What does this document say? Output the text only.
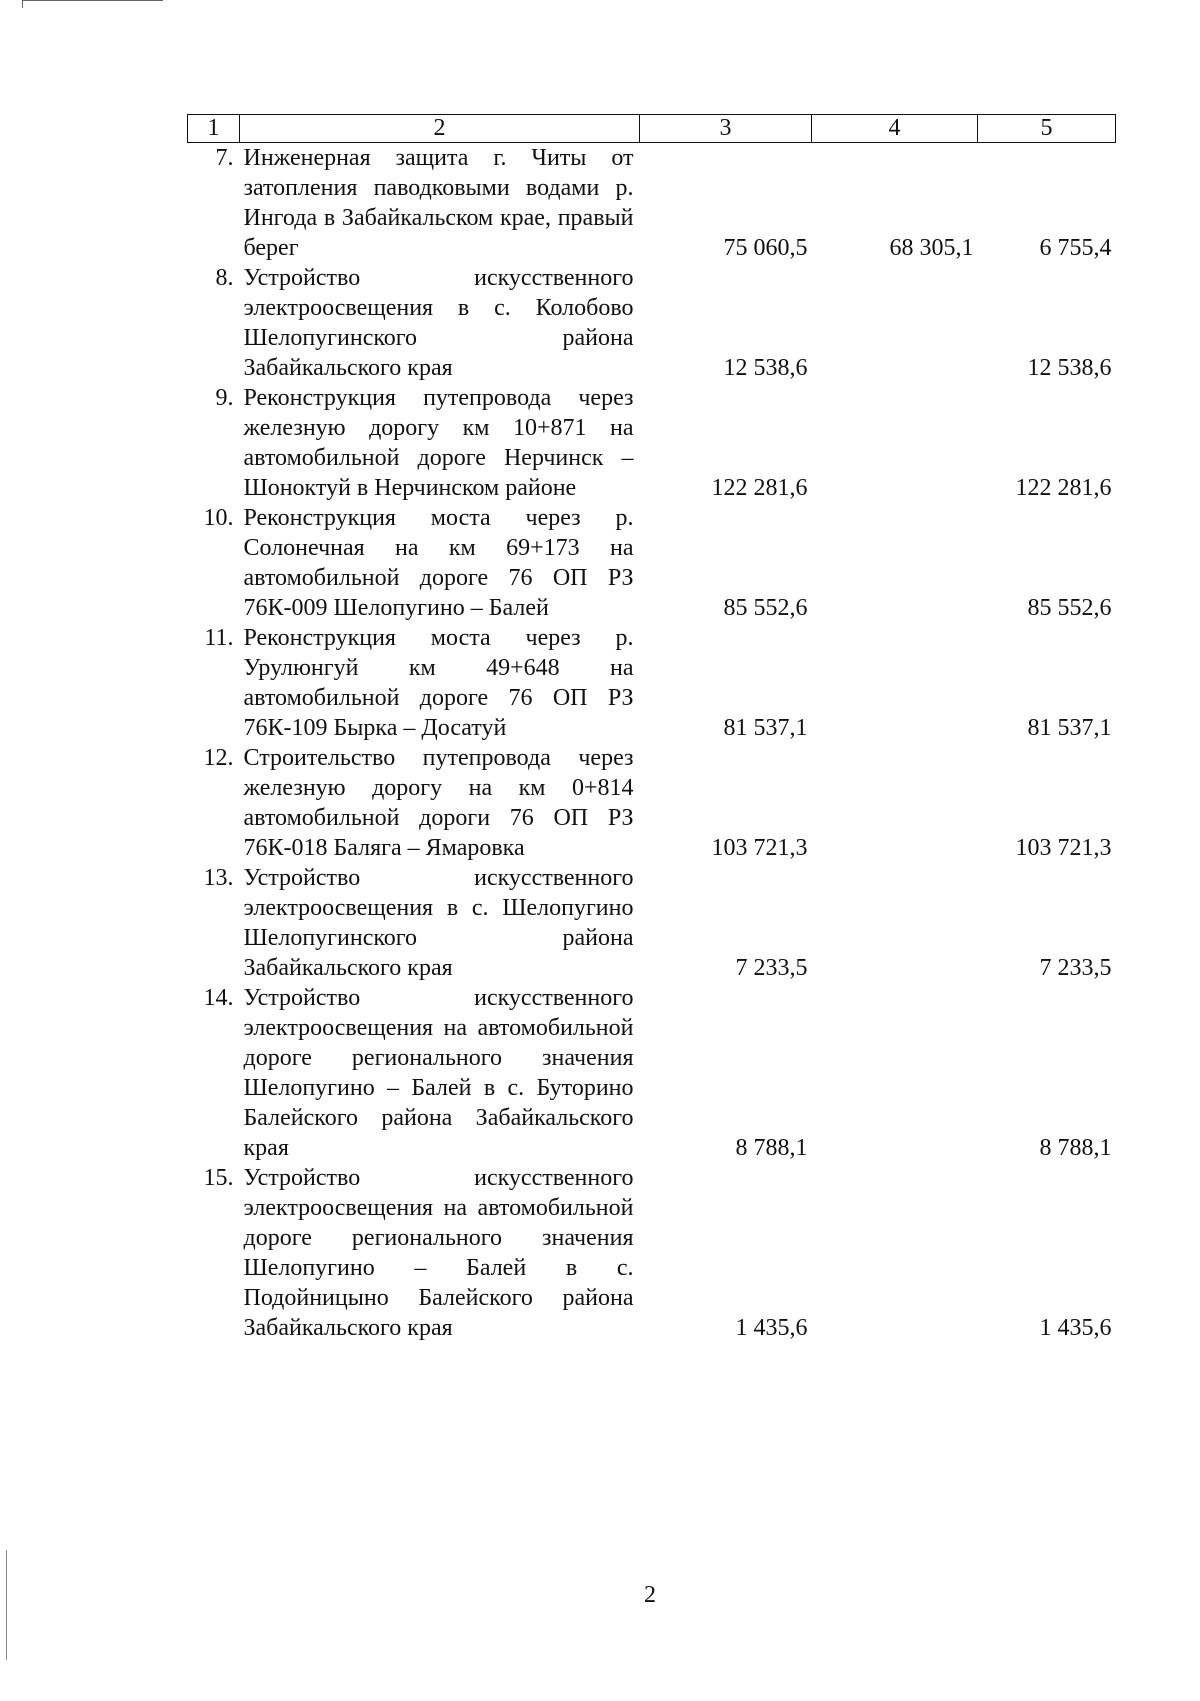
1	2	3	4	5
7.	Инженерная защита г. Читы от затопления паводковыми водами р. Ингода в Забайкальском крае, правый берег	75 060,5	68 305,1	6 755,4
8.	Устройство искусственного электроосвещения в с. Колобово Шелопугинского района Забайкальского края	12 538,6		12 538,6
9.	Реконструкция путепровода через железную дорогу км 10+871 на автомобильной дороге Нерчинск – Шоноктуй в Нерчинском районе	122 281,6		122 281,6
10.	Реконструкция моста через р. Солонечная на км 69+173 на автомобильной дороге 76 ОП РЗ 76К-009 Шелопугино – Балей	85 552,6		85 552,6
11.	Реконструкция моста через р. Урулюнгуй км 49+648 на автомобильной дороге 76 ОП РЗ 76К-109 Бырка – Досатуй	81 537,1		81 537,1
12.	Строительство путепровода через железную дорогу на км 0+814 автомобильной дороги 76 ОП РЗ 76К-018 Баляга – Ямаровка	103 721,3		103 721,3
13.	Устройство искусственного электроосвещения в с. Шелопугино Шелопугинского района Забайкальского края	7 233,5		7 233,5
14.	Устройство искусственного электроосвещения на автомобильной дороге регионального значения Шелопугино – Балей в с. Буторино Балейского района Забайкальского края	8 788,1		8 788,1
15.	Устройство искусственного электроосвещения на автомобильной дороге регионального значения Шелопугино – Балей в с. Подойницыно Балейского района Забайкальского края	1 435,6		1 435,6
2
